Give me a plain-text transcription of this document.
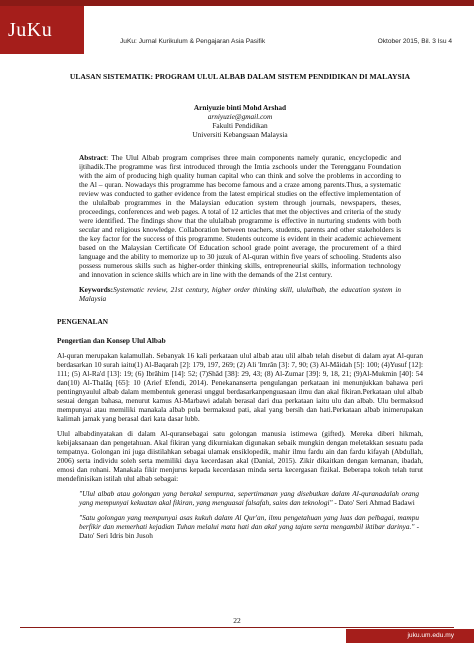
JuKu
JuKu: Jurnal Kurikulum & Pengajaran Asia Pasifik	Oktober 2015, Bil. 3 Isu 4
ULASAN SISTEMATIK: PROGRAM ULUL ALBAB DALAM SISTEM PENDIDIKAN DI MALAYSIA
Arniyuzie binti Mohd Arshad
arniyuzie@gmail.com
Fakulti Pendidikan
Universiti Kebangsaan Malaysia

Abstract: The Ulul Albab program comprises three main components namely quranic, encyclopedic and ijtihadik.The programme was first introduced through the Imtia zschools under the Terengganu Foundation with the aim of producing high quality human capital who can think and solve the problems in according to the Al – quran. Nowadays this programme has become famous and a craze among parents.Thus, a systematic review was conducted to gather evidence from the latest empirical studies on the effective implementation of the ululalbab programmes in the Malaysian education system through journals, newspapers, theses, proceedings, conferences and web pages. A total of 12 articles that met the objectives and criteria of the study were identified. The findings show that the ululalbab programme is effective in nurturing students with both secular and religious knowledge. Collaboration between teachers, students, parents and other stakeholders is the key factor for the success of this programme. Students outcome is evident in their academic achievement based on the Malaysian Certificate Of Education school grade point average, the procurement of a third language and the ability to memorize up to 30 juzuk of Al-quran within five years of schooling. Students also possess numerous skills such as higher-order thinking skills, entrepreneurial skills, information technology and innovation in science skills which are in line with the demands of the 21st century.

Keywords:Systematic review, 21st century, higher order thinking skill, ululalbab, the education system in Malaysia

PENGENALAN
Pengertian dan Konsep Ulul Albab

Al-quran merupakan kalamullah. Sebanyak 16 kali perkataan ulul albab atau ulil albab telah disebut di dalam ayat Al-quran berdasarkan 10 surah iaitu(1) Al-Baqarah [2]: 179, 197, 269; (2) Ali 'Imrân [3]: 7, 90; (3) Al-Mâidah [5]: 100; (4)Yusuf [12]: 111; (5) Al-Ra'd [13]: 19; (6) Ibrâhim [14]: 52; (7)Shâd [38]: 29, 43; (8) Al-Zumar [39]: 9, 18, 21; (9)Al-Mukmin [40]: 54 dan(10) Al-Thalâq [65]: 10 (Arief Efendi, 2014). Penekananserta pengulangan perkataan ini menunjukkan bahawa peri pentingnyaulul albab dalam membentuk generasi unggul berdasarkanpenguasaan ilmu dan akal fikiran.Perkataan ulul albab sesuai dengan bahasa, menurut kamus Al-Marbawi adalah berasal dari dua perkataan iaitu ulu dan albab. Ulu bermaksud mempunyai atau memiliki manakala albab pula bermaksud pati, akal yang bersih dan hati.Perkataan albab inimerupakan kalimah jamak yang berasal dari kata dasar lubb.

Ulul albabdinyatakan di dalam Al-quransebagai satu golongan manusia istimewa (gifted). Mereka diberi hikmah, kebijaksanaan dan pengetahuan. Akal fikiran yang dikurniakan digunakan sebaik mungkin dengan meletakkan sesuatu pada tempatnya. Golongan ini juga diistilahkan sebagai ulamak ensiklopedik, mahir ilmu fardu ain dan fardu kifayah (Abdullah, 2006) serta individu soleh serta memiliki daya kecerdasan akal (Danial, 2015). Zikir dikaitkan dengan kemanan, ibadah, emosi dan rohani. Manakala fikir menjurus kepada kecerdasan minda serta kecergasan fizikal. Beberapa tokoh telah turut mendefinisikan istilah ulul albab sebagai:

"Ulul albab atau golongan yang berakal sempurna, sepertimanan yang disebutkan dalam Al-quranadalah orang yang mempunyai kekuatan akal fikiran, yang menguasai falsafah, sains dan teknologi" - Dato' Seri Ahmad Badawi

"Satu golongan yang mempunyai asas kukuh dalam Al Qur'an, ilmu pengetahuan yang luas dan pelbagai, mampu berfikir dan memerhati kejadian Tuhan melalui mata hati dan akal yang tajam serta mengambil iktibar darinya." - Dato' Seri Idris bin Jusoh

22
juku.um.edu.my
